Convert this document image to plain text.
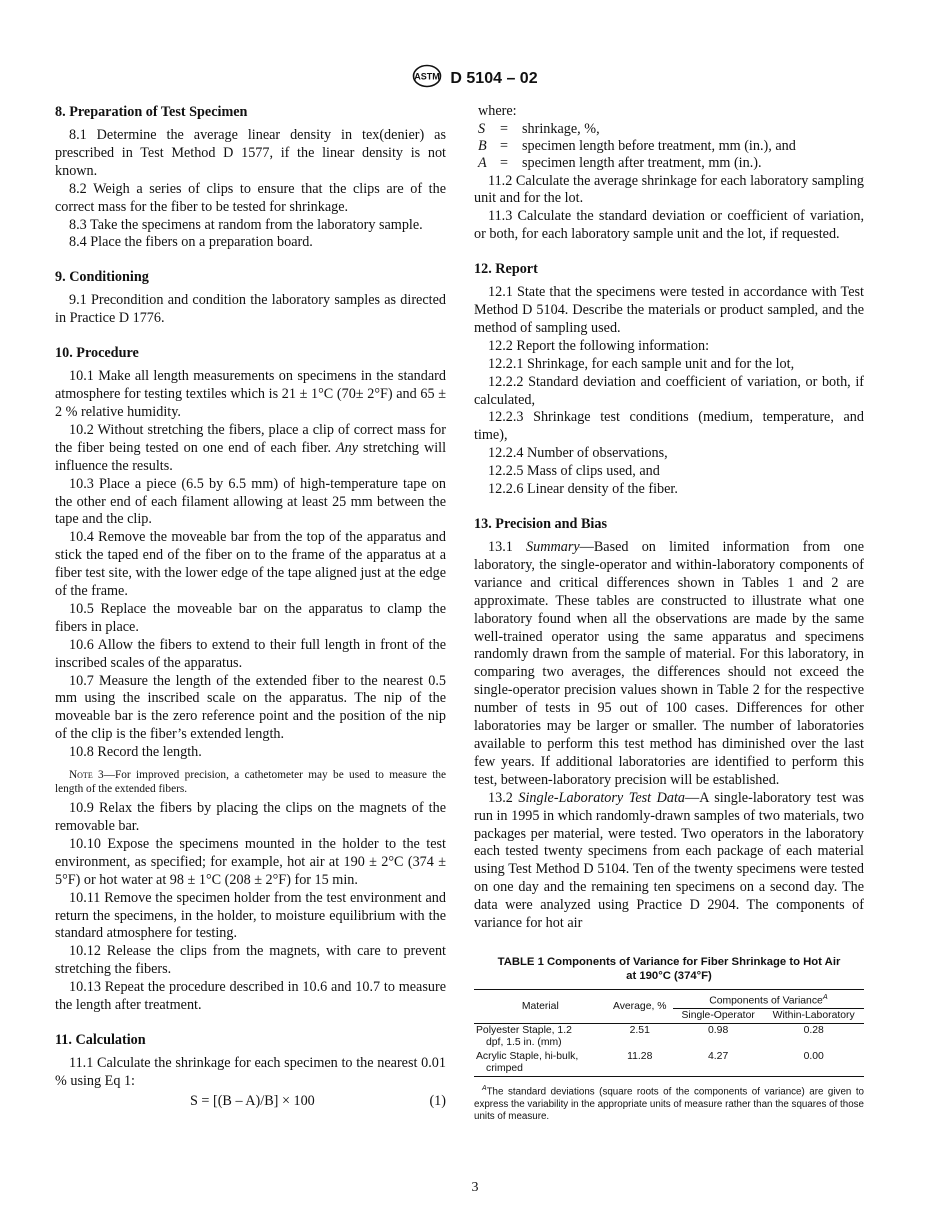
ASTM D 5104 – 02
8. Preparation of Test Specimen

8.1 Determine the average linear density in tex(denier) as prescribed in Test Method D 1577, if the linear density is not known.

8.2 Weigh a series of clips to ensure that the clips are of the correct mass for the fiber to be tested for shrinkage.

8.3 Take the specimens at random from the laboratory sample.

8.4 Place the fibers on a preparation board.

9. Conditioning

9.1 Precondition and condition the laboratory samples as directed in Practice D 1776.

10. Procedure

10.1 Make all length measurements on specimens in the standard atmosphere for testing textiles which is 21 ± 1°C (70± 2°F) and 65 ± 2 % relative humidity.

10.2 Without stretching the fibers, place a clip of correct mass for the fiber being tested on one end of each fiber. Any stretching will influence the results.

10.3 Place a piece (6.5 by 6.5 mm) of high-temperature tape on the other end of each filament allowing at least 25 mm between the tape and the clip.

10.4 Remove the moveable bar from the top of the apparatus and stick the taped end of the fiber on to the frame of the apparatus at a fiber test site, with the lower edge of the tape aligned just at the edge of the frame.

10.5 Replace the moveable bar on the apparatus to clamp the fibers in place.

10.6 Allow the fibers to extend to their full length in front of the inscribed scales of the apparatus.

10.7 Measure the length of the extended fiber to the nearest 0.5 mm using the inscribed scale on the apparatus. The nip of the moveable bar is the zero reference point and the position of the nip of the clip is the fiber’s extended length.

10.8 Record the length.

Note 3—For improved precision, a cathetometer may be used to measure the length of the extended fibers.

10.9 Relax the fibers by placing the clips on the magnets of the removable bar.

10.10 Expose the specimens mounted in the holder to the test environment, as specified; for example, hot air at 190 ± 2°C (374 ± 5°F) or hot water at 98 ± 1°C (208 ± 2°F) for 15 min.

10.11 Remove the specimen holder from the test environment and return the specimens, in the holder, to moisture equilibrium with the standard atmosphere for testing.

10.12 Release the clips from the magnets, with care to prevent stretching the fibers.

10.13 Repeat the procedure described in 10.6 and 10.7 to measure the length after treatment.

11. Calculation

11.1 Calculate the shrinkage for each specimen to the nearest 0.01 % using Eq 1:

S = [(B – A)/B] × 100	(1)
where:
S	= shrinkage, %,
B = specimen length before treatment, mm (in.), and
A = specimen length after treatment, mm (in.).

11.2 Calculate the average shrinkage for each laboratory sampling unit and for the lot.

11.3 Calculate the standard deviation or coefficient of variation, or both, for each laboratory sample unit and the lot, if requested.

12. Report

12.1 State that the specimens were tested in accordance with Test Method D 5104. Describe the materials or product sampled, and the method of sampling used.

12.2 Report the following information:

12.2.1 Shrinkage, for each sample unit and for the lot,

12.2.2 Standard deviation and coefficient of variation, or both, if calculated,

12.2.3 Shrinkage test conditions (medium, temperature, and time),

12.2.4 Number of observations,

12.2.5 Mass of clips used, and

12.2.6 Linear density of the fiber.

13. Precision and Bias

13.1 Summary—Based on limited information from one laboratory, the single-operator and within-laboratory components of variance and critical differences shown in Tables 1 and 2 are approximate. These tables are constructed to illustrate what one laboratory found when all the observations are made by the same well-trained operator using the same apparatus and specimens randomly drawn from the sample of material. For this laboratory, in comparing two averages, the differences should not exceed the single-operator precision values shown in Table 2 for the respective number of tests in 95 out of 100 cases. Differences for other laboratories may be larger or smaller. The number of laboratories available to perform this test method has diminished over the last few years. If additional laboratories are identified to perform this test, between-laboratory precision will be established.

13.2 Single-Laboratory Test Data—A single-laboratory test was run in 1995 in which randomly-drawn samples of two materials, two packages per material, were tested. Two operators in the laboratory each tested twenty specimens from each package of each material using Test Method D 5104. Ten of the twenty specimens were tested on one day and the remaining ten specimens on a second day. The data were analyzed using Practice D 2904. The components of variance for hot air

TABLE 1 Components of Variance for Fiber Shrinkage to Hot Air
at 190°C (374°F)
Material	Average, %	Components of Variance$^A$
		Single-Operator	Within-Laboratory

Polyester Staple, 1.2
dpf, 1.5 in. (mm)	2.51	0.98	0.28

Acrylic Staple, hi-bulk,
crimped	11.28	4.27	0.00
$^A$The standard deviations (square roots of the components of variance) are given to express the variability in the appropriate units of measure rather than the squares of those units of measure.
3
